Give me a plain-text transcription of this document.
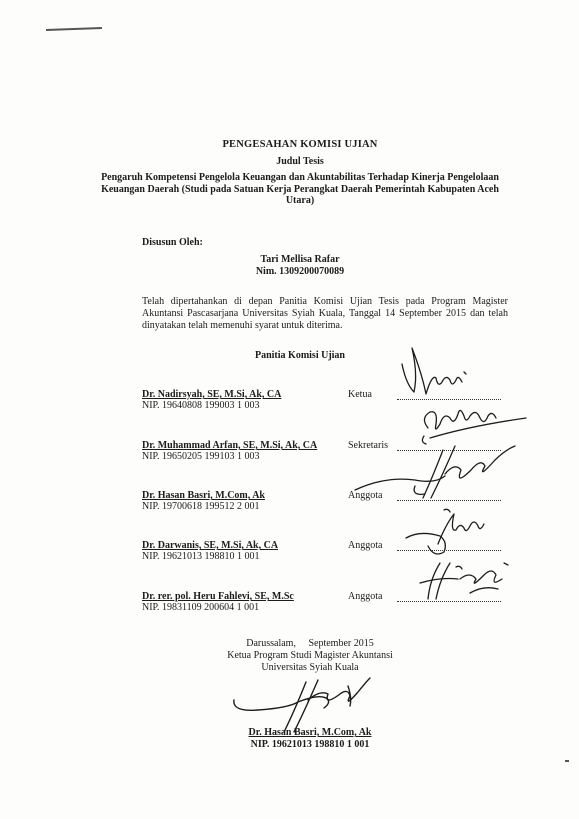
PENGESAHAN KOMISI UJIAN
Judul Tesis
Pengaruh Kompetensi Pengelola Keuangan dan Akuntabilitas Terhadap Kinerja Pengelolaan Keuangan Daerah (Studi pada Satuan Kerja Perangkat Daerah Pemerintah Kabupaten Aceh Utara)
Disusun Oleh:
Tari Mellisa Rafar
Nim. 1309200070089
Telah dipertahankan di depan Panitia Komisi Ujian Tesis pada Program Magister Akuntansi Pascasarjana Universitas Syiah Kuala, Tanggal 14 September 2015 dan telah dinyatakan telah memenuhi syarat untuk diterima.
Panitia Komisi Ujian
Dr. Nadirsyah, SE, M.Si, Ak, CA
NIP. 19640808 199003 1 003
Ketua
Dr. Muhammad Arfan, SE, M.Si, Ak, CA
NIP. 19650205 199103 1 003
Sekretaris
Dr. Hasan Basri, M.Com, Ak
NIP. 19700618 199512 2 001
Anggota
Dr. Darwanis, SE, M.Si, Ak, CA
NIP. 19621013 198810 1 001
Anggota
Dr. rer. pol. Heru Fahlevi, SE, M.Sc
NIP. 19831109 200604 1 001
Anggota
Darussalam,     September 2015
Ketua Program Studi Magister Akuntansi
Universitas Syiah Kuala
Dr. Hasan Basri, M.Com, Ak
NIP. 19621013 198810 1 001
